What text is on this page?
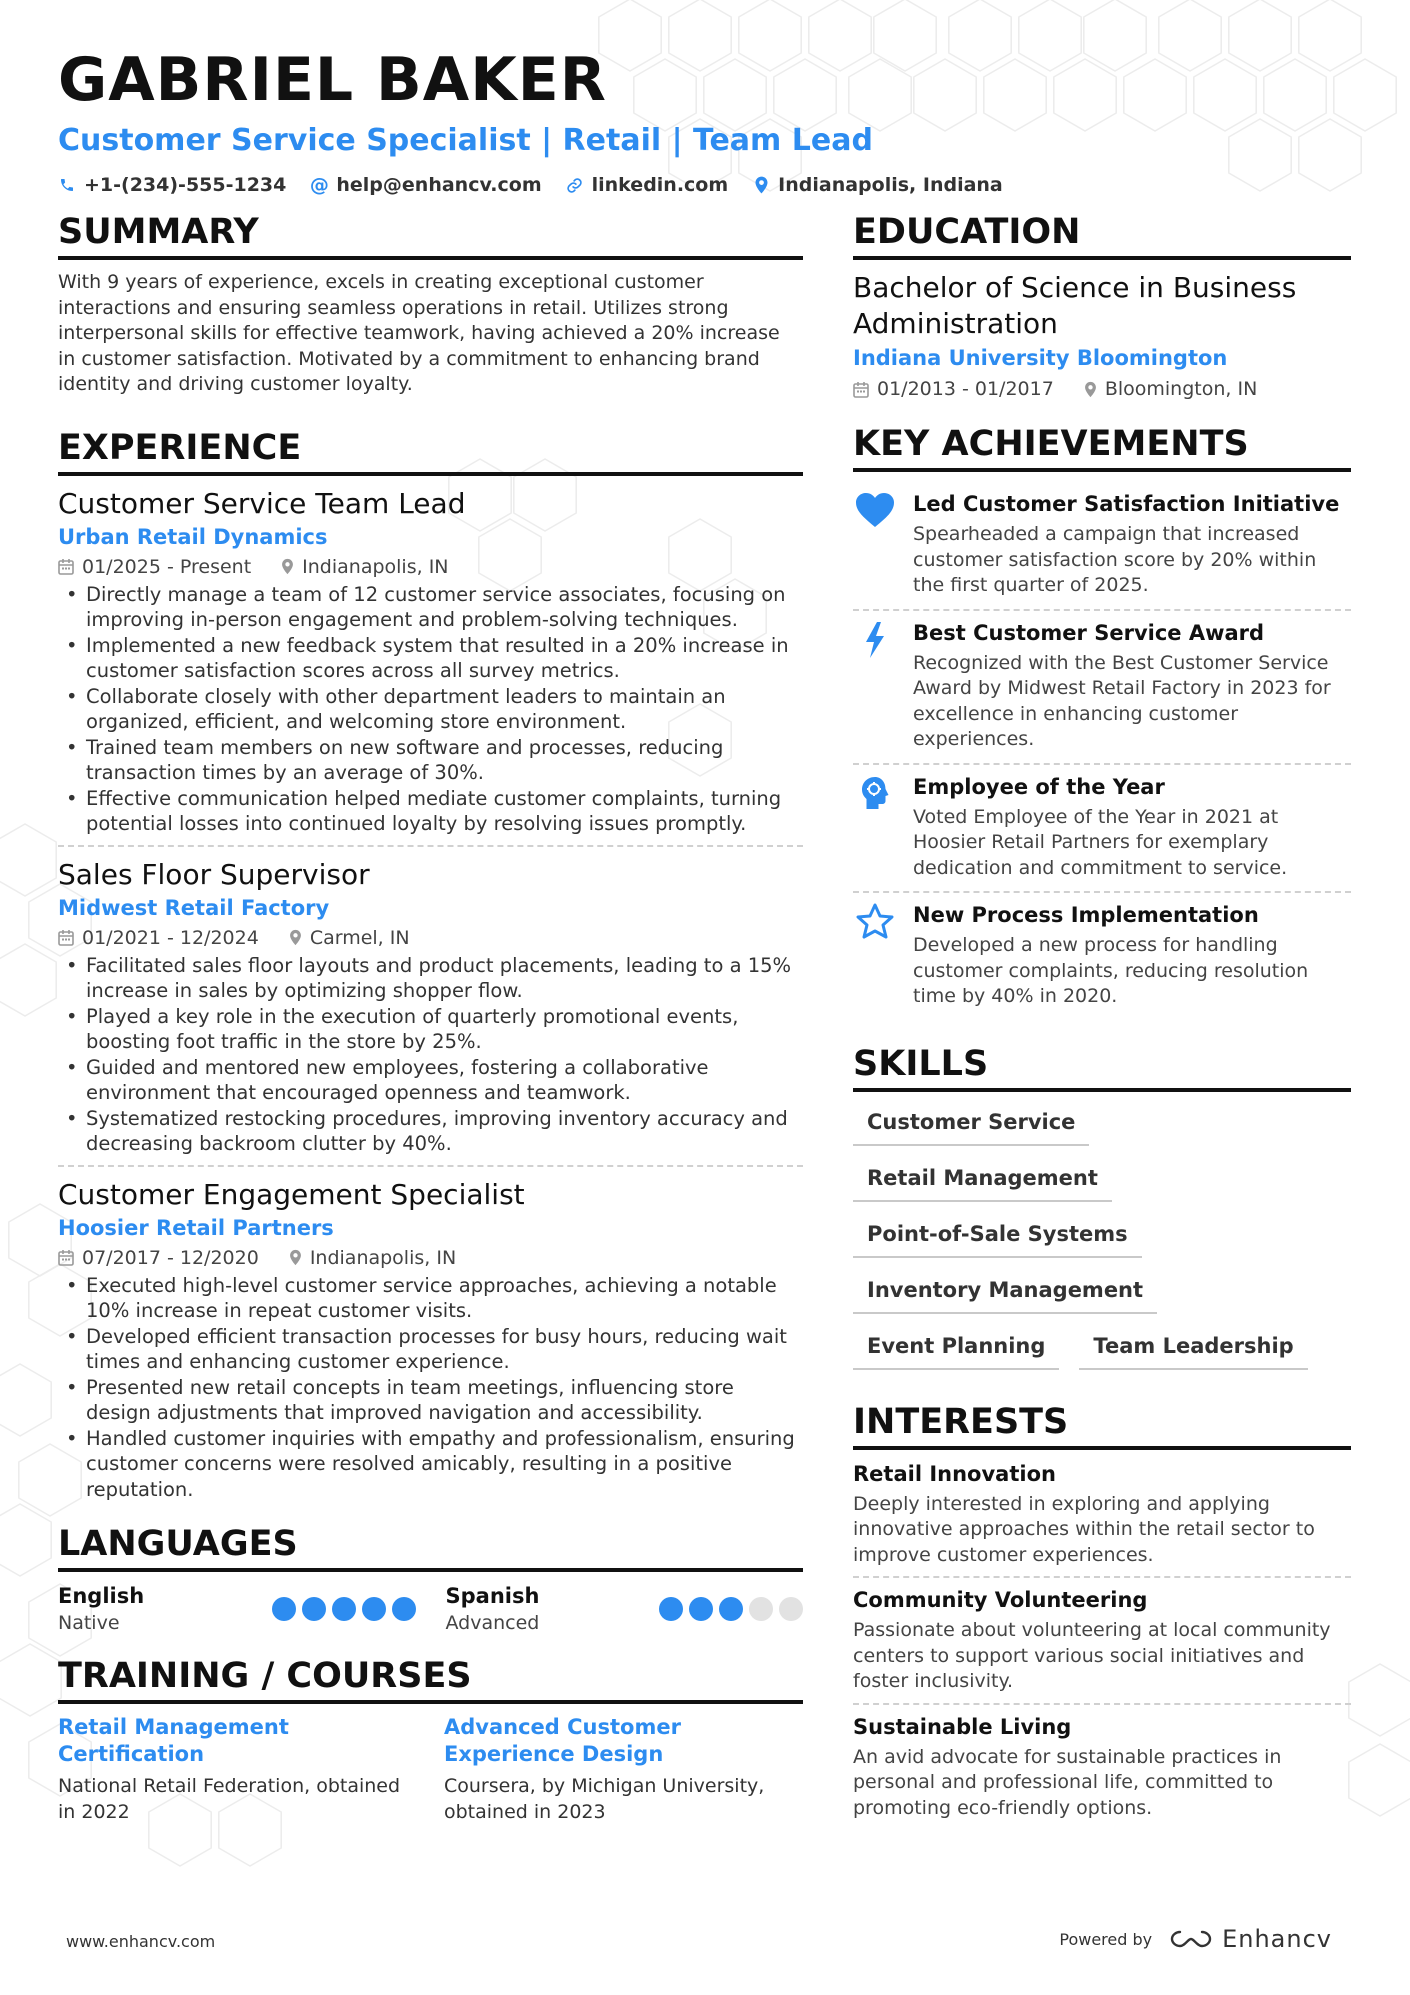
GABRIEL BAKER
Customer Service Specialist | Retail | Team Lead
+1-(234)-555-1234 @ help@enhancv.com	linkedin.com	Indianapolis, Indiana
SUMMARY
With 9 years of experience, excels in creating exceptional customer interactions and ensuring seamless operations in retail. Utilizes strong interpersonal skills for effective teamwork, having achieved a 20% increase in customer satisfaction. Motivated by a commitment to enhancing brand identity and driving customer loyalty.
EXPERIENCE
Customer Service Team Lead
Urban Retail Dynamics
01/2025 - Present	Indianapolis, IN
• Directly manage a team of 12 customer service associates, focusing on improving in-person engagement and problem-solving techniques.
• Implemented a new feedback system that resulted in a 20% increase in customer satisfaction scores across all survey metrics.
• Collaborate closely with other department leaders to maintain an organized, efficient, and welcoming store environment.
• Trained team members on new software and processes, reducing transaction times by an average of 30%.
• Effective communication helped mediate customer complaints, turning potential losses into continued loyalty by resolving issues promptly.
Sales Floor Supervisor
Midwest Retail Factory
01/2021 - 12/2024	Carmel, IN
• Facilitated sales floor layouts and product placements, leading to a 15% increase in sales by optimizing shopper flow.
• Played a key role in the execution of quarterly promotional events, boosting foot traffic in the store by 25%.
• Guided and mentored new employees, fostering a collaborative environment that encouraged openness and teamwork.
• Systematized restocking procedures, improving inventory accuracy and decreasing backroom clutter by 40%.
Customer Engagement Specialist
Hoosier Retail Partners
07/2017 - 12/2020	Indianapolis, IN
• Executed high-level customer service approaches, achieving a notable 10% increase in repeat customer visits.
• Developed efficient transaction processes for busy hours, reducing wait times and enhancing customer experience.
• Presented new retail concepts in team meetings, influencing store design adjustments that improved navigation and accessibility.
• Handled customer inquiries with empathy and professionalism, ensuring customer concerns were resolved amicably, resulting in a positive reputation.
LANGUAGES
English
Native
Spanish
Advanced
TRAINING / COURSES
Retail Management Certification
National Retail Federation, obtained in 2022
Advanced Customer Experience Design
Coursera, by Michigan University, obtained in 2023
EDUCATION
Bachelor of Science in Business Administration
Indiana University Bloomington
01/2013 - 01/2017	Bloomington, IN
KEY ACHIEVEMENTS
Led Customer Satisfaction Initiative
Spearheaded a campaign that increased customer satisfaction score by 20% within the first quarter of 2025.
Best Customer Service Award
Recognized with the Best Customer Service Award by Midwest Retail Factory in 2023 for excellence in enhancing customer experiences.
Employee of the Year
Voted Employee of the Year in 2021 at Hoosier Retail Partners for exemplary dedication and commitment to service.
New Process Implementation
Developed a new process for handling customer complaints, reducing resolution time by 40% in 2020.
SKILLS
Customer Service
Retail Management
Point-of-Sale Systems
Inventory Management
Event Planning	Team Leadership
INTERESTS
Retail Innovation
Deeply interested in exploring and applying innovative approaches within the retail sector to improve customer experiences.
Community Volunteering
Passionate about volunteering at local community centers to support various social initiatives and foster inclusivity.
Sustainable Living
An avid advocate for sustainable practices in personal and professional life, committed to promoting eco-friendly options.
www.enhancv.com	Powered by	Enhancv
